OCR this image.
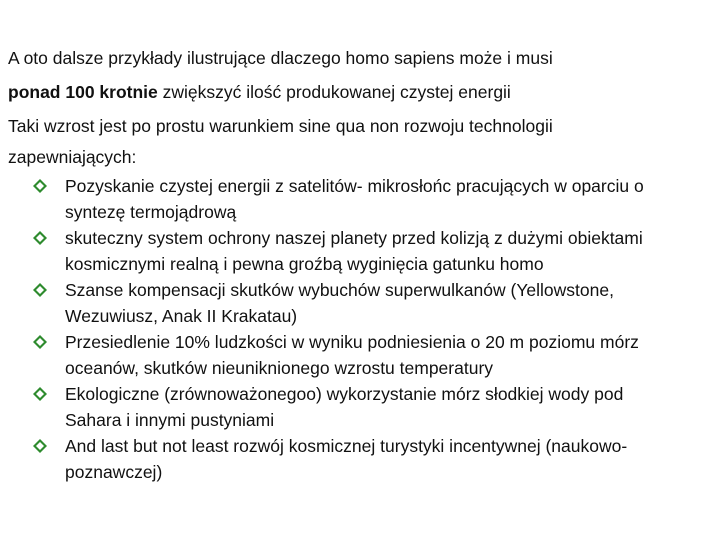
A oto dalsze przykłady ilustrujące dlaczego homo sapiens może i musi
ponad 100 krotnie zwiększyć ilość produkowanej czystej energii
Taki wzrost jest po prostu warunkiem sine qua non rozwoju technologii
zapewniających:
Pozyskanie czystej energii z satelitów- mikrosłońc pracujących w oparciu o
syntezę termojądrową
skuteczny system ochrony naszej planety przed kolizją z dużymi obiektami
kosmicznymi realną i pewna groźbą wyginięcia gatunku homo
Szanse kompensacji skutków wybuchów superwulkanów (Yellowstone,
Wezuwiusz, Anak II Krakatau)
Przesiedlenie 10% ludzkości w wyniku podniesienia o 20 m poziomu mórz
oceanów, skutków nieuniknionego wzrostu temperatury
Ekologiczne (zrównoważonegoo) wykorzystanie mórz słodkiej wody pod
Sahara i innymi pustyniami
And last but not least rozwój kosmicznej turystyki incentywnej (naukowo-
poznawczej)
